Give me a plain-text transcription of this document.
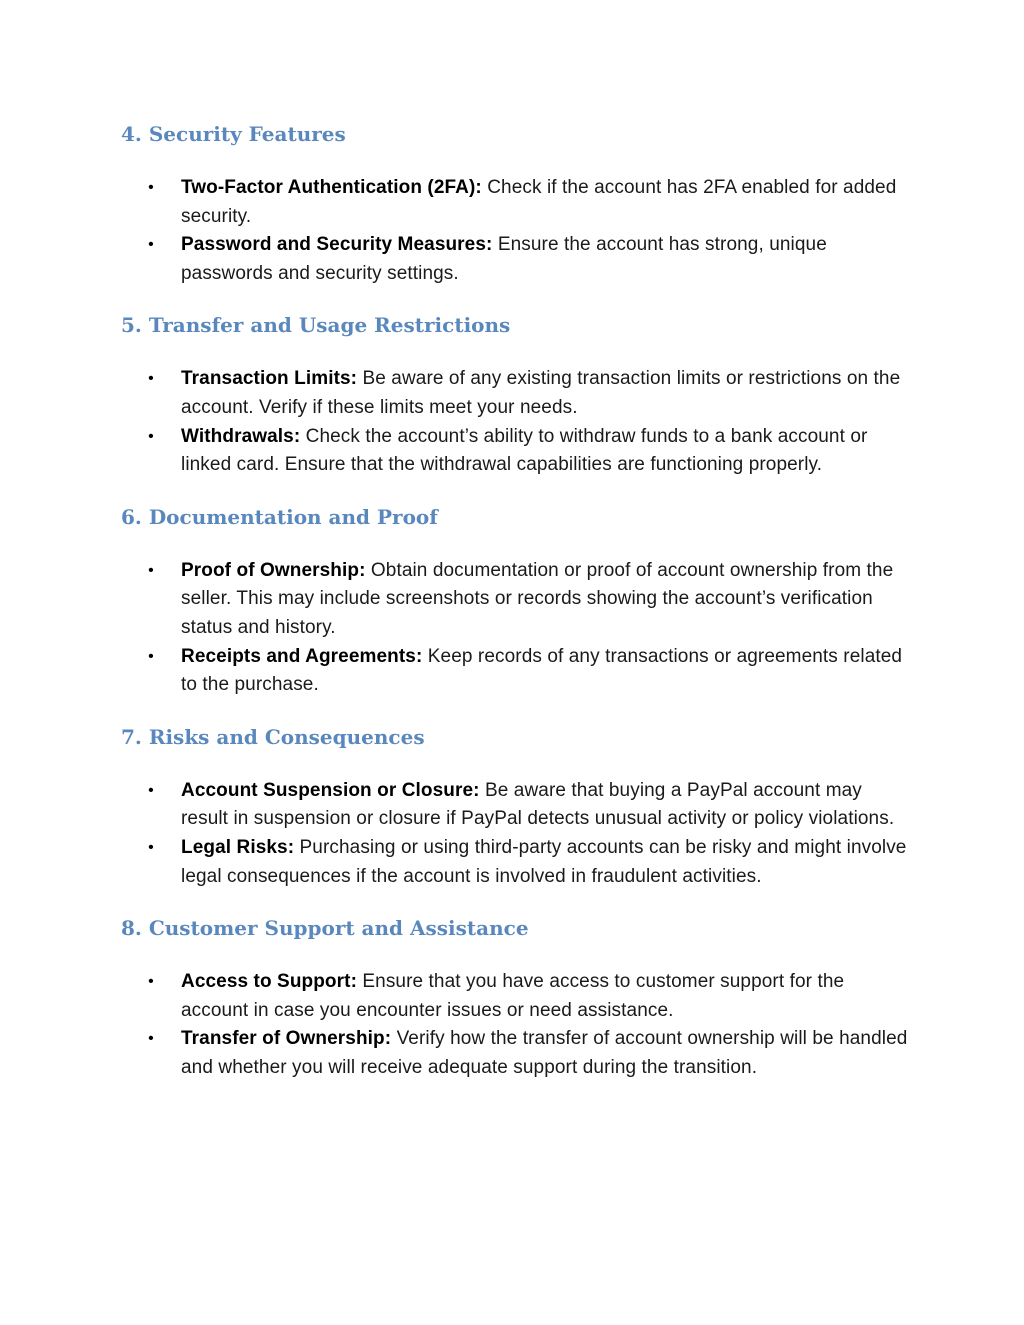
4. Security Features
• Two-Factor Authentication (2FA): Check if the account has 2FA enabled for added security.
• Password and Security Measures: Ensure the account has strong, unique passwords and security settings.
5. Transfer and Usage Restrictions
• Transaction Limits: Be aware of any existing transaction limits or restrictions on the account. Verify if these limits meet your needs.
• Withdrawals: Check the account’s ability to withdraw funds to a bank account or linked card. Ensure that the withdrawal capabilities are functioning properly.
6. Documentation and Proof
• Proof of Ownership: Obtain documentation or proof of account ownership from the seller. This may include screenshots or records showing the account’s verification status and history.
• Receipts and Agreements: Keep records of any transactions or agreements related to the purchase.
7. Risks and Consequences
• Account Suspension or Closure: Be aware that buying a PayPal account may result in suspension or closure if PayPal detects unusual activity or policy violations.
• Legal Risks: Purchasing or using third-party accounts can be risky and might involve legal consequences if the account is involved in fraudulent activities.
8. Customer Support and Assistance
• Access to Support: Ensure that you have access to customer support for the account in case you encounter issues or need assistance.
• Transfer of Ownership: Verify how the transfer of account ownership will be handled and whether you will receive adequate support during the transition.
